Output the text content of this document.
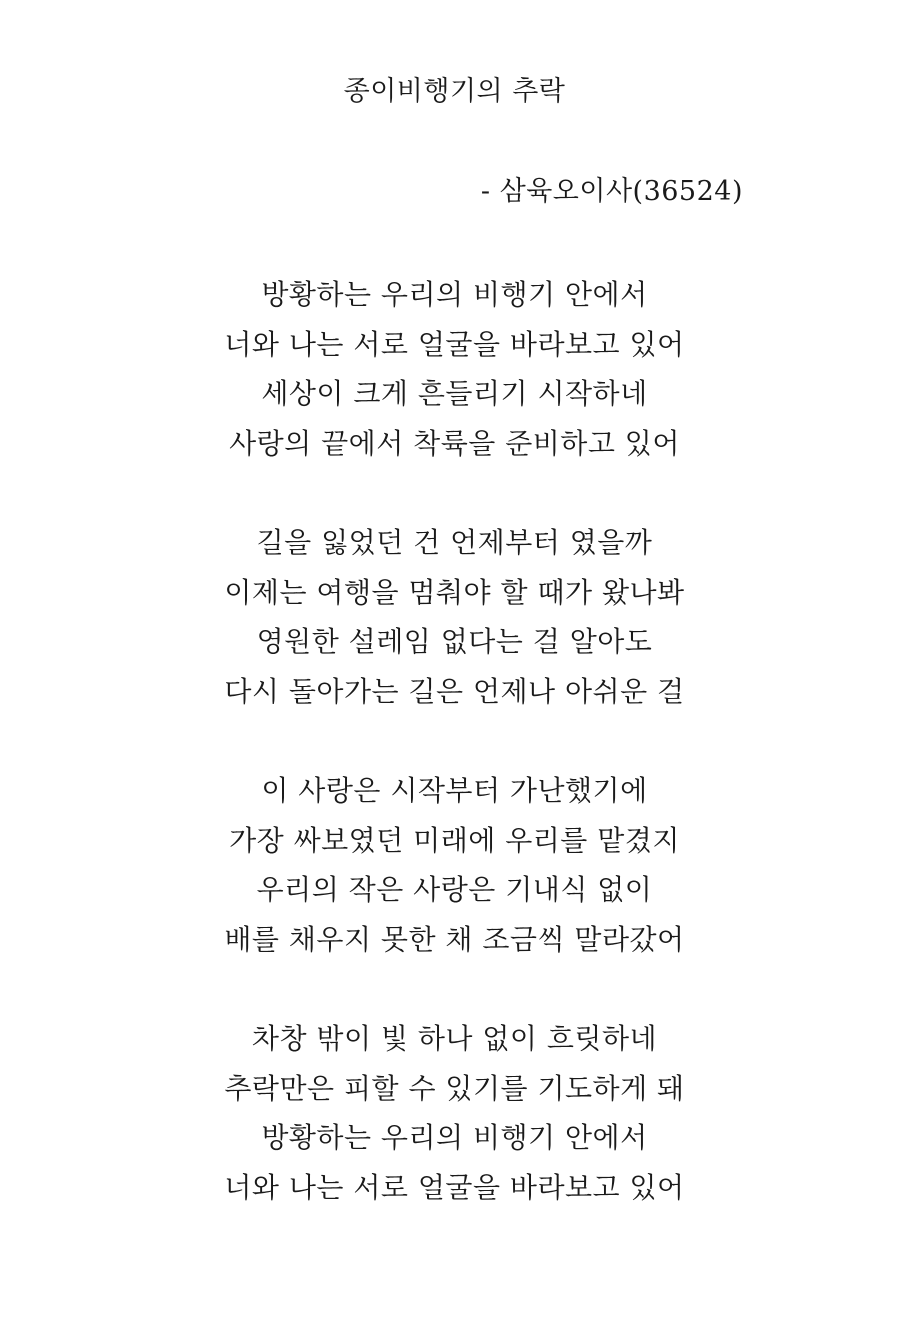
종이비행기의 추락
- 삼육오이사(36524)
방황하는 우리의 비행기 안에서
너와 나는 서로 얼굴을 바라보고 있어
세상이 크게 흔들리기 시작하네
사랑의 끝에서 착륙을 준비하고 있어
길을 잃었던 건 언제부터 였을까
이제는 여행을 멈춰야 할 때가 왔나봐
영원한 설레임 없다는 걸 알아도
다시 돌아가는 길은 언제나 아쉬운 걸
이 사랑은 시작부터 가난했기에
가장 싸보였던 미래에 우리를 맡겼지
우리의 작은 사랑은 기내식 없이
배를 채우지 못한 채 조금씩 말라갔어
차창 밖이 빛 하나 없이 흐릿하네
추락만은 피할 수 있기를 기도하게 돼
방황하는 우리의 비행기 안에서
너와 나는 서로 얼굴을 바라보고 있어
